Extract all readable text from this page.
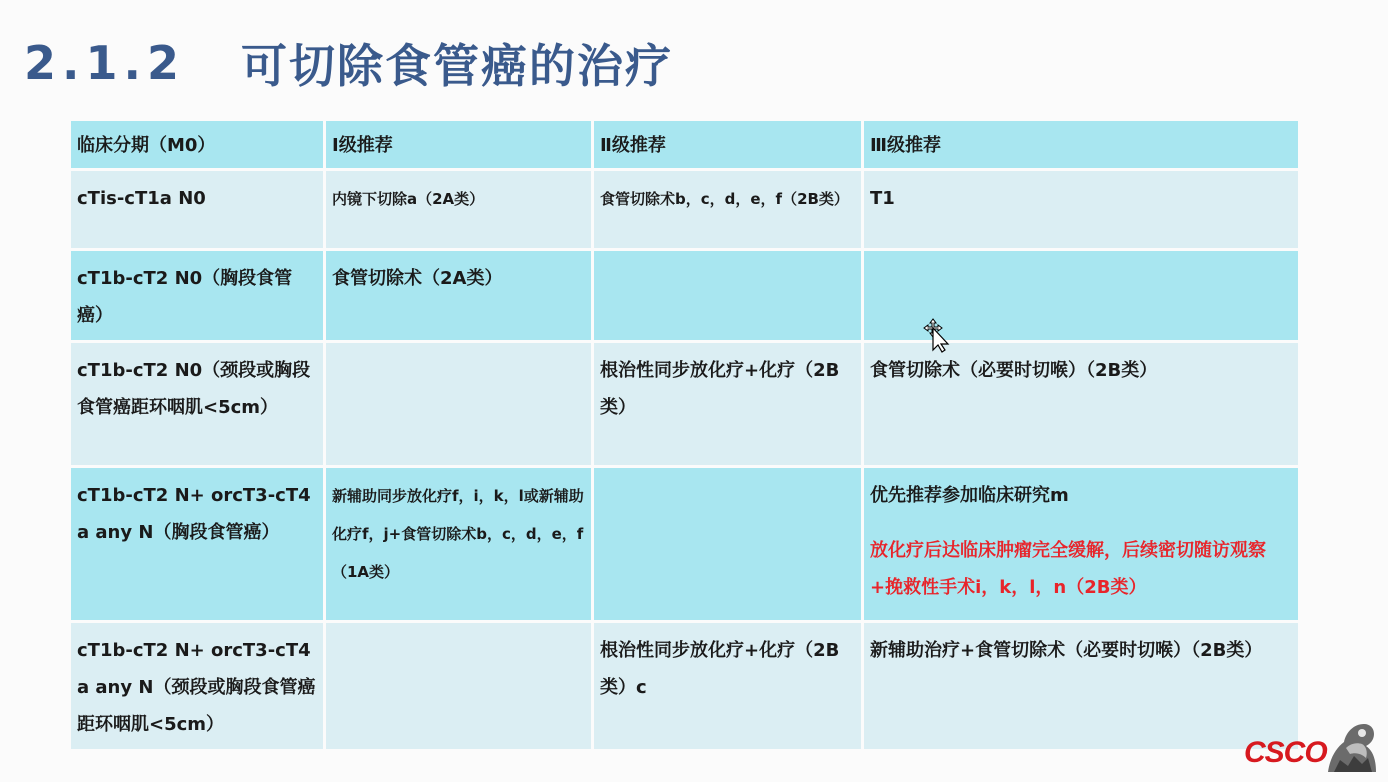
2.1.2 可切除食管癌的治疗
临床分期（M0）	Ⅰ级推荐	Ⅱ级推荐	Ⅲ级推荐
cTis-cT1a N0	内镜下切除a（2A类）	食管切除术b，c，d，e，f（2B类）	T1
cT1b-cT2 N0（胸段食管癌）	食管切除术（2A类）		
cT1b-cT2 N0（颈段或胸段食管癌距环咽肌<5cm）		根治性同步放化疗+化疗（2B类）	食管切除术（必要时切喉）（2B类）
cT1b-cT2 N+ orcT3-cT4a any N（胸段食管癌）	新辅助同步放化疗f，i，k，l或新辅助化疗f，j+食管切除术b，c，d，e，f（1A类）		优先推荐参加临床研究m
放化疗后达临床肿瘤完全缓解，后续密切随访观察+挽救性手术i，k，l，n（2B类）

cT1b-cT2 N+ orcT3-cT4a any N（颈段或胸段食管癌距环咽肌<5cm）		根治性同步放化疗+化疗（2B类）c	新辅助治疗+食管切除术（必要时切喉）（2B类）
CSCO
